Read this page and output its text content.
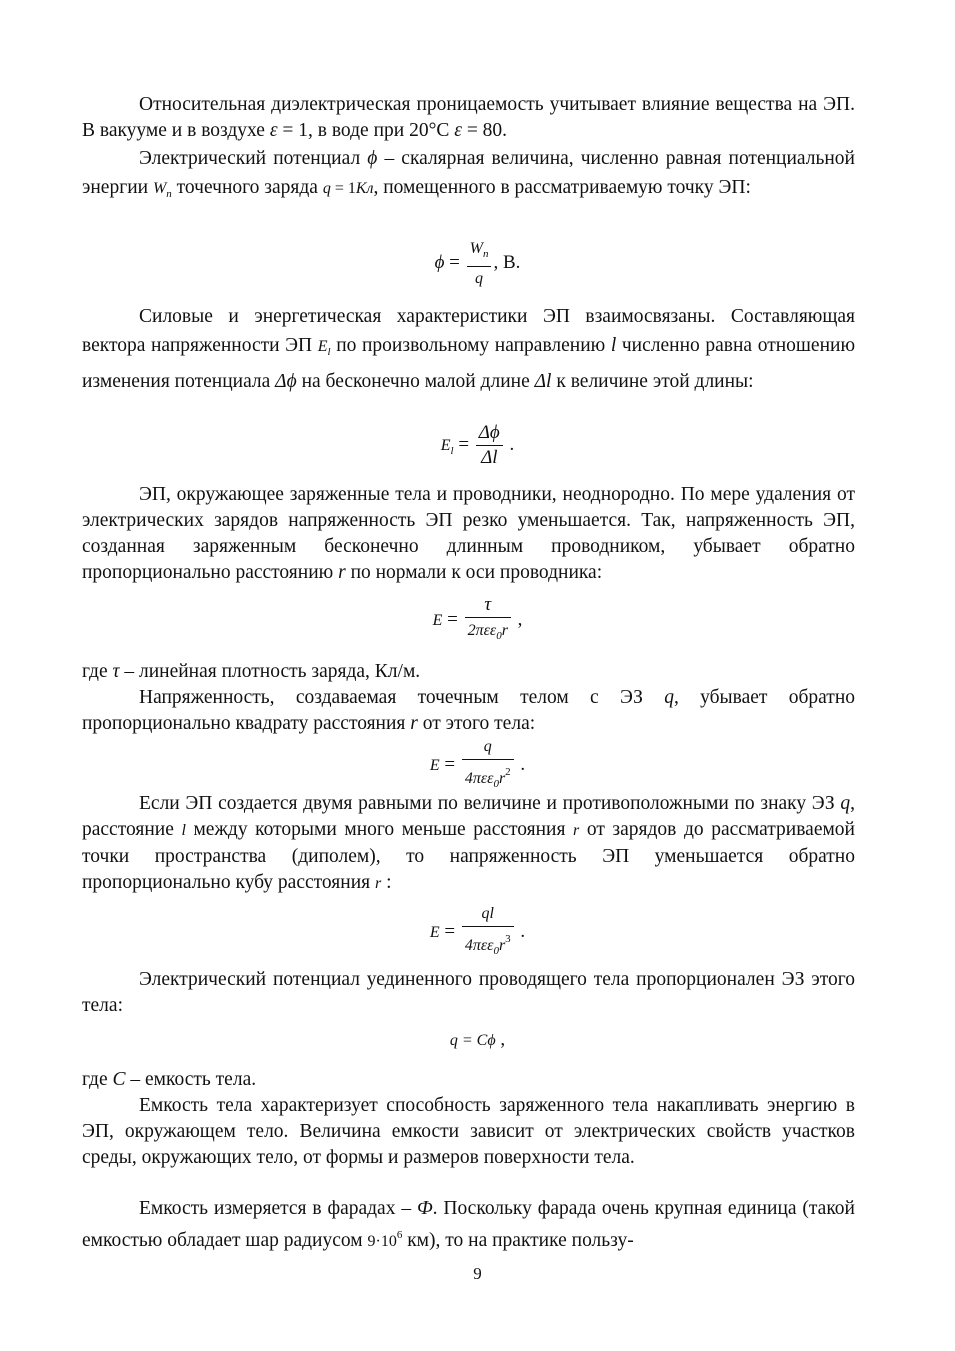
Относительная диэлектрическая проницаемость учитывает влияние вещества на ЭП. В вакууме и в воздухе ε = 1, в воде при 20°С ε = 80.
Электрический потенциал ϕ – скалярная величина, численно равная потенциальной энергии $W_п$ точечного заряда q = 1Кл, помещенного в рассматриваемую точку ЭП:
$\phi = \frac{W_п}{q}$ , В.
Силовые и энергетическая характеристики ЭП взаимосвязаны. Составляющая вектора напряженности ЭП $E_l$ по произвольному направлению l численно равна отношению изменения потенциала Δϕ на бесконечно малой длине Δl к величине этой длины:
$E_l = \frac{\Delta\phi}{\Delta l}$ .
ЭП, окружающее заряженные тела и проводники, неоднородно. По мере удаления от электрических зарядов напряженность ЭП резко уменьшается. Так, напряженность ЭП, созданная заряженным бесконечно длинным проводником, убывает обратно пропорционально расстоянию r по нормали к оси проводника:
$E = \frac{\tau}{2\pi\varepsilon\varepsilon_0r}$ ,
где τ – линейная плотность заряда, Кл/м.
Напряженность, создаваемая точечным телом с ЭЗ q, убывает обратно пропорционально квадрату расстояния r от этого тела:
$E = \frac{q}{4\pi\varepsilon\varepsilon_0r^2}$ .
Если ЭП создается двумя равными по величине и противоположными по знаку ЭЗ q, расстояние l между которыми много меньше расстояния r от зарядов до рассматриваемой точки пространства (диполем), то напряженность ЭП уменьшается обратно пропорционально кубу расстояния r :
$E = \frac{ql}{4\pi\varepsilon\varepsilon_0r^3}$ .
Электрический потенциал уединенного проводящего тела пропорционален ЭЗ этого тела:
q = Cϕ ,
где C – емкость тела.
Емкость тела характеризует способность заряженного тела накапливать энергию в ЭП, окружающем тело. Величина емкости зависит от электрических свойств участков среды, окружающих тело, от формы и размеров поверхности тела.
Емкость измеряется в фарадах – Ф. Поскольку фарада очень крупная единица (такой емкостью обладает шар радиусом $9\cdot 10^6$ км), то на практике пользу-
9
